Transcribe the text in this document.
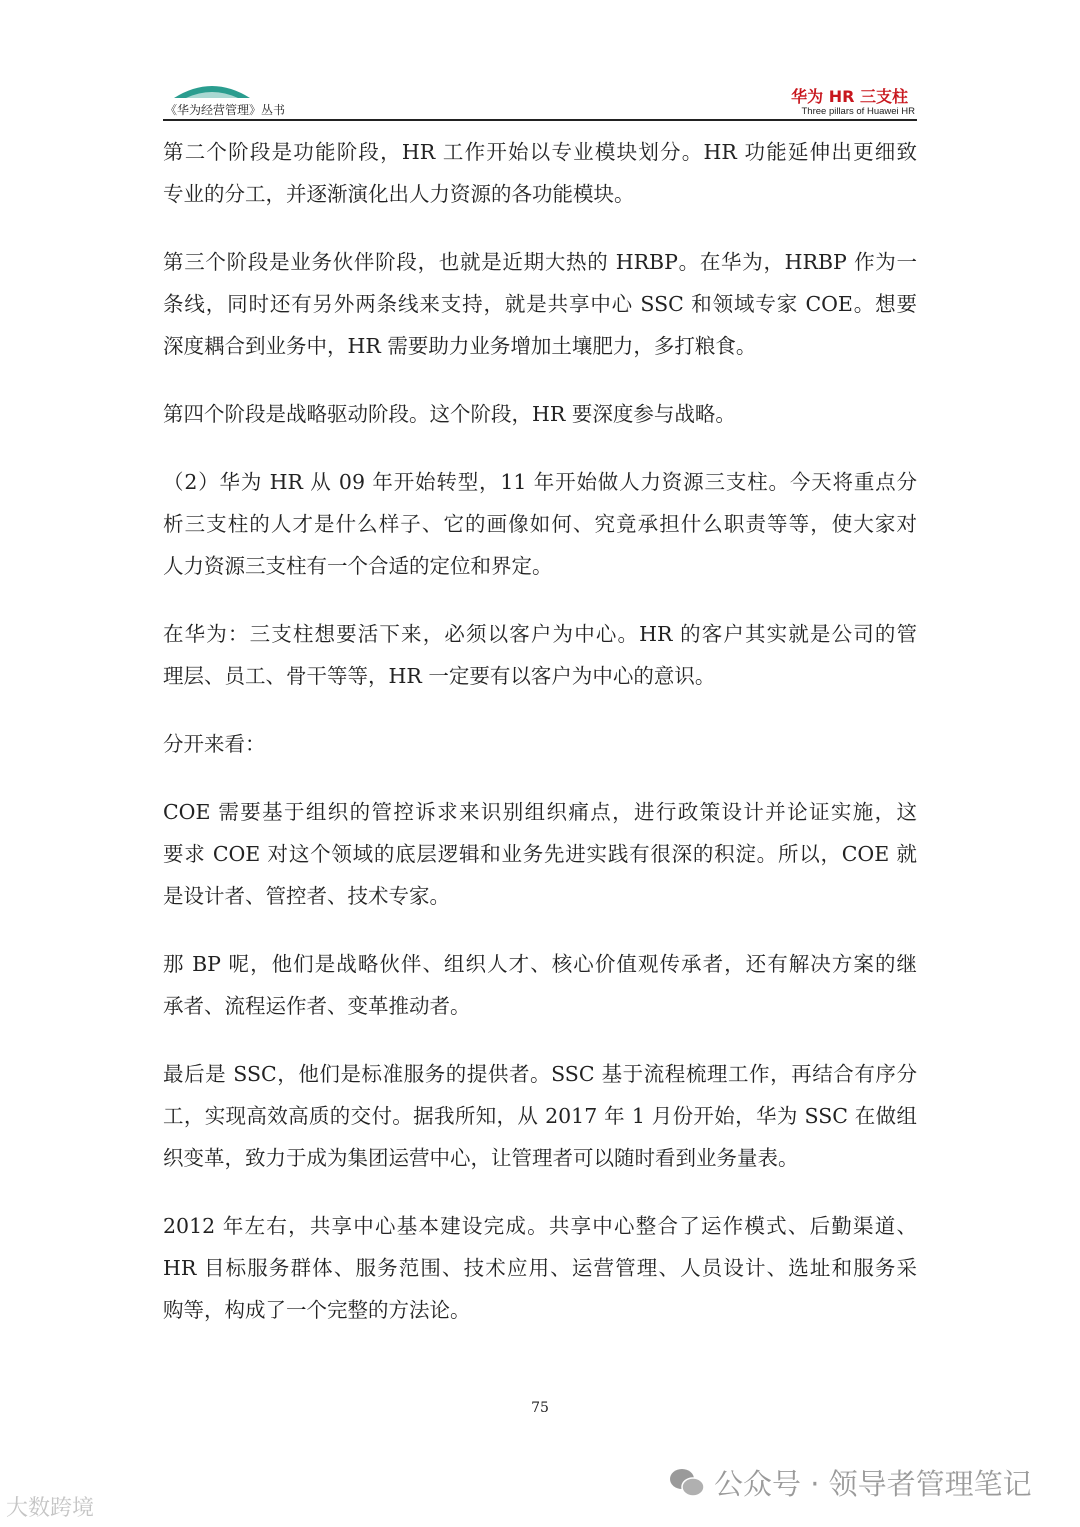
《华为经营管理》丛书
华为 HR 三支柱
Three pillars of Huawei HR
第二个阶段是功能阶段，HR 工作开始以专业模块划分。HR 功能延伸出更细致
专业的分工，并逐渐演化出人力资源的各功能模块。
第三个阶段是业务伙伴阶段，也就是近期大热的 HRBP。在华为，HRBP 作为一
条线，同时还有另外两条线来支持，就是共享中心 SSC 和领域专家 COE。想要
深度耦合到业务中，HR 需要助力业务增加土壤肥力，多打粮食。
第四个阶段是战略驱动阶段。这个阶段，HR 要深度参与战略。
（2）华为 HR 从 09 年开始转型，11 年开始做人力资源三支柱。今天将重点分
析三支柱的人才是什么样子、它的画像如何、究竟承担什么职责等等，使大家对
人力资源三支柱有一个合适的定位和界定。
在华为：三支柱想要活下来，必须以客户为中心。HR 的客户其实就是公司的管
理层、员工、骨干等等，HR 一定要有以客户为中心的意识。
分开来看：
COE 需要基于组织的管控诉求来识别组织痛点，进行政策设计并论证实施，这
要求 COE 对这个领域的底层逻辑和业务先进实践有很深的积淀。所以，COE 就
是设计者、管控者、技术专家。
那 BP 呢，他们是战略伙伴、组织人才、核心价值观传承者，还有解决方案的继
承者、流程运作者、变革推动者。
最后是 SSC，他们是标准服务的提供者。SSC 基于流程梳理工作，再结合有序分
工，实现高效高质的交付。据我所知，从 2017 年 1 月份开始，华为 SSC 在做组
织变革，致力于成为集团运营中心，让管理者可以随时看到业务量表。
2012 年左右，共享中心基本建设完成。共享中心整合了运作模式、后勤渠道、
HR 目标服务群体、服务范围、技术应用、运营管理、人员设计、选址和服务采
购等，构成了一个完整的方法论。
75
公众号 · 领导者管理笔记
大数跨境
